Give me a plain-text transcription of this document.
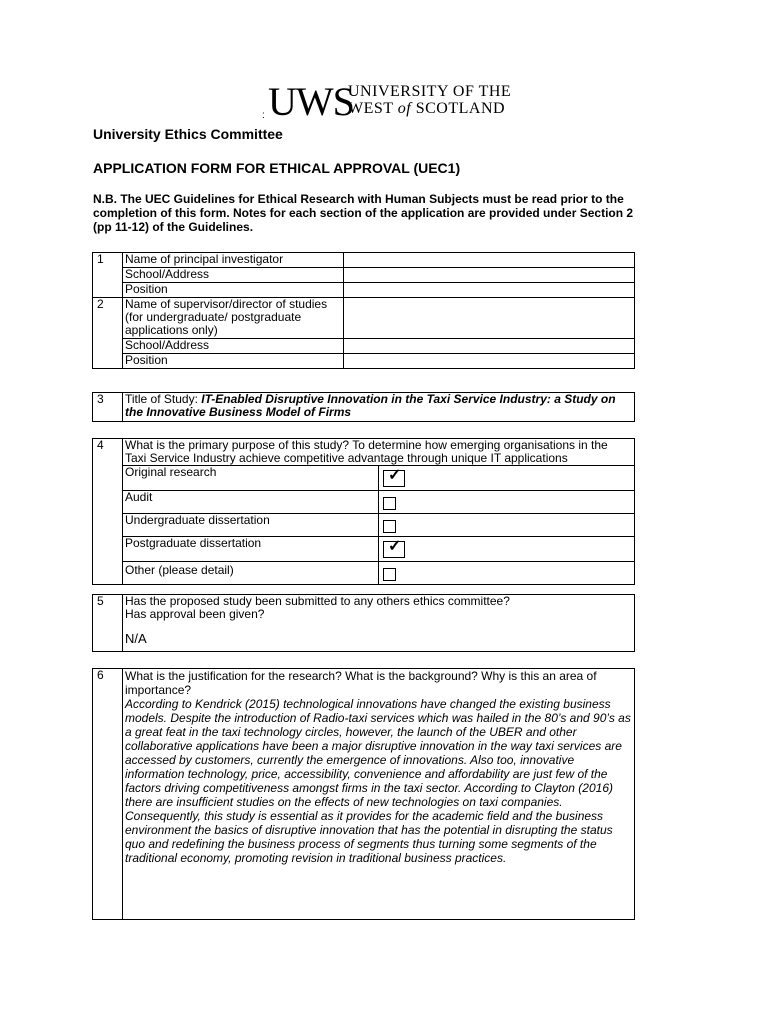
: UWS
UNIVERSITY OF THE
WEST of SCOTLAND
University Ethics Committee
APPLICATION FORM FOR ETHICAL APPROVAL (UEC1)

N.B. The UEC Guidelines for Ethical Research with Human Subjects must be read prior to the completion of this form. Notes for each section of the application are provided under Section 2 (pp 11-12) of the Guidelines.

1	Name of principal investigator	
	School/Address	
	Position	
2	Name of supervisor/director of studies (for undergraduate/ postgraduate applications only)	
	School/Address	
	Position	
3	Title of Study: IT-Enabled Disruptive Innovation in the Taxi Service Industry: a Study on the Innovative Business Model of Firms
4	What is the primary purpose of this study? To determine how emerging organisations in the Taxi Service Industry achieve competitive advantage through unique IT applications	
	Original research	✓

	Audit	
	Undergraduate dissertation	
	Postgraduate dissertation	✓

	Other (please detail)	
5	Has the proposed study been submitted to any others ethics committee?
Has approval been given?
N/A
6	What is the justification for the research? What is the background? Why is this an area of importance?
According to Kendrick (2015) technological innovations have changed the existing business models. Despite the introduction of Radio-taxi services which was hailed in the 80’s and 90’s as a great feat in the taxi technology circles, however, the launch of the UBER and other collaborative applications have been a major disruptive innovation in the way taxi services are accessed by customers, currently the emergence of innovations. Also too, innovative information technology, price, accessibility, convenience and affordability are just few of the factors driving competitiveness amongst firms in the taxi sector. According to Clayton (2016) there are insufficient studies on the effects of new technologies on taxi companies.
Consequently, this study is essential as it provides for the academic field and the business environment the basics of disruptive innovation that has the potential in disrupting the status quo and redefining the business process of segments thus turning some segments of the traditional economy, promoting revision in traditional business practices.
